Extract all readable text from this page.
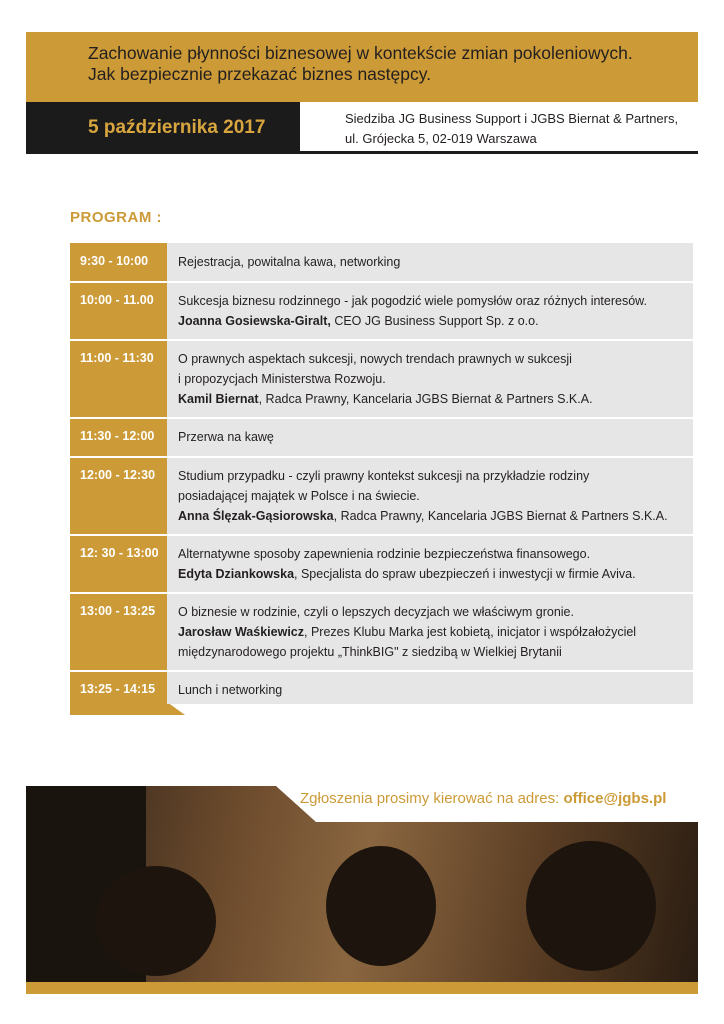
Zachowanie płynności biznesowej w kontekście zmian pokoleniowych.
Jak bezpiecznie przekazać biznes następcy.
5 października 2017	Siedziba JG Business Support i JGBS Biernat & Partners,
ul. Grójecka 5, 02-019 Warszawa
PROGRAM :
9:30 - 10:00	Rejestracja, powitalna kawa, networking
10:00 - 11.00	Sukcesja biznesu rodzinnego - jak pogodzić wiele pomysłów oraz różnych interesów.
Joanna Gosiewska-Giralt, CEO JG Business Support Sp. z o.o.
11:00 - 11:30	O prawnych aspektach sukcesji, nowych trendach prawnych w sukcesji
i propozycjach Ministerstwa Rozwoju.
Kamil Biernat, Radca Prawny, Kancelaria JGBS Biernat & Partners S.K.A.
11:30 - 12:00	Przerwa na kawę
12:00 - 12:30	Studium przypadku - czyli prawny kontekst sukcesji na przykładzie rodziny
posiadającej majątek w Polsce i na świecie.
Anna Ślęzak-Gąsiorowska, Radca Prawny, Kancelaria JGBS Biernat & Partners S.K.A.
12: 30 - 13:00	Alternatywne sposoby zapewnienia rodzinie bezpieczeństwa finansowego.
Edyta Dziankowska, Specjalista do spraw ubezpieczeń i inwestycji w firmie Aviva.
13:00 - 13:25	O biznesie w rodzinie, czyli o lepszych decyzjach we właściwym gronie.
Jarosław Waśkiewicz, Prezes Klubu Marka jest kobietą, inicjator i współzałożyciel
międzynarodowego projektu „ThinkBIG" z siedzibą w Wielkiej Brytanii
13:25 - 14:15	Lunch i networking
Zgłoszenia prosimy kierować na adres: office@jgbs.pl
